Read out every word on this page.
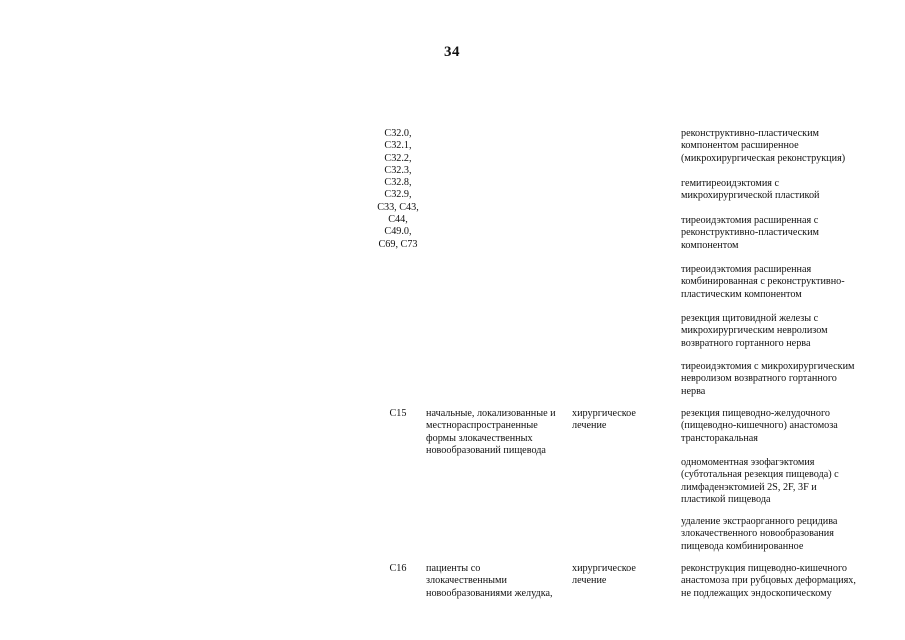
34
C32.0,
C32.1,
C32.2,
C32.3,
C32.8,
C32.9,
C33, C43,
C44,
C49.0,
C69, C73
реконструктивно-пластическим
компонентом расширенное
(микрохирургическая реконструкция)
гемитиреоидэктомия с
микрохирургической пластикой
тиреоидэктомия расширенная с
реконструктивно-пластическим
компонентом
тиреоидэктомия расширенная
комбинированная с реконструктивно-
пластическим компонентом
резекция щитовидной железы с
микрохирургическим невролизом
возвратного гортанного нерва
тиреоидэктомия с микрохирургическим
невролизом возвратного гортанного
нерва
C15	начальные, локализованные и
местнораспространенные
формы злокачественных
новообразований пищевода
хирургическое
лечение
резекция пищеводно-желудочного
(пищеводно-кишечного) анастомоза
трансторакальная
одномоментная эзофагэктомия
(субтотальная резекция пищевода) с
лимфаденэктомией 2S, 2F, 3F и
пластикой пищевода
удаление экстраорганного рецидива
злокачественного новообразования
пищевода комбинированное
C16	пациенты со
злокачественными
новообразованиями желудка,
хирургическое
лечение
реконструкция пищеводно-кишечного
анастомоза при рубцовых деформациях,
не подлежащих эндоскопическому
